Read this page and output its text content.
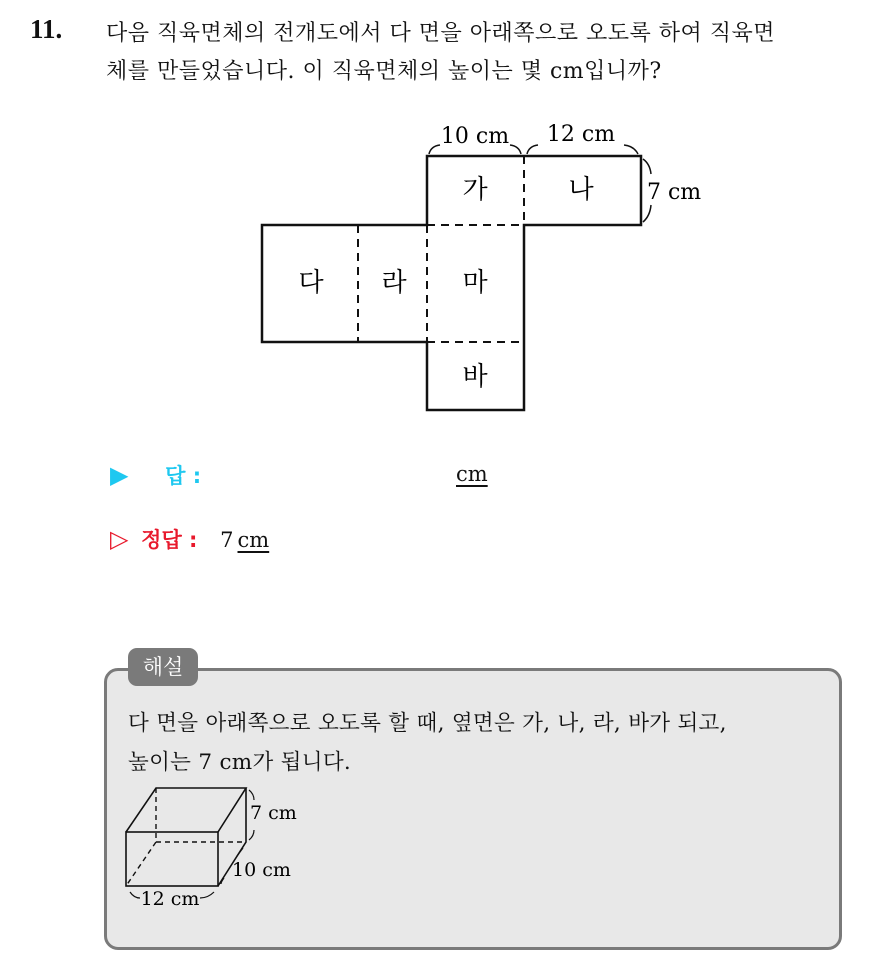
11. 다음 직육면체의 전개도에서 다 면을 아래쪽으로 오도록 하여 직육면
체를 만들었습니다. 이 직육면체의 높이는 몇 cm입니까?
10 cm 12 cm
7 cm
가	나
다 라 마
바
▶ 답 :	cm
▷ 정답 : 7 cm
해설
다 면을 아래쪽으로 오도록 할 때, 옆면은 가, 나, 라, 바가 되고,
높이는 7 cm가 됩니다.
7 cm
10 cm
12 cm
